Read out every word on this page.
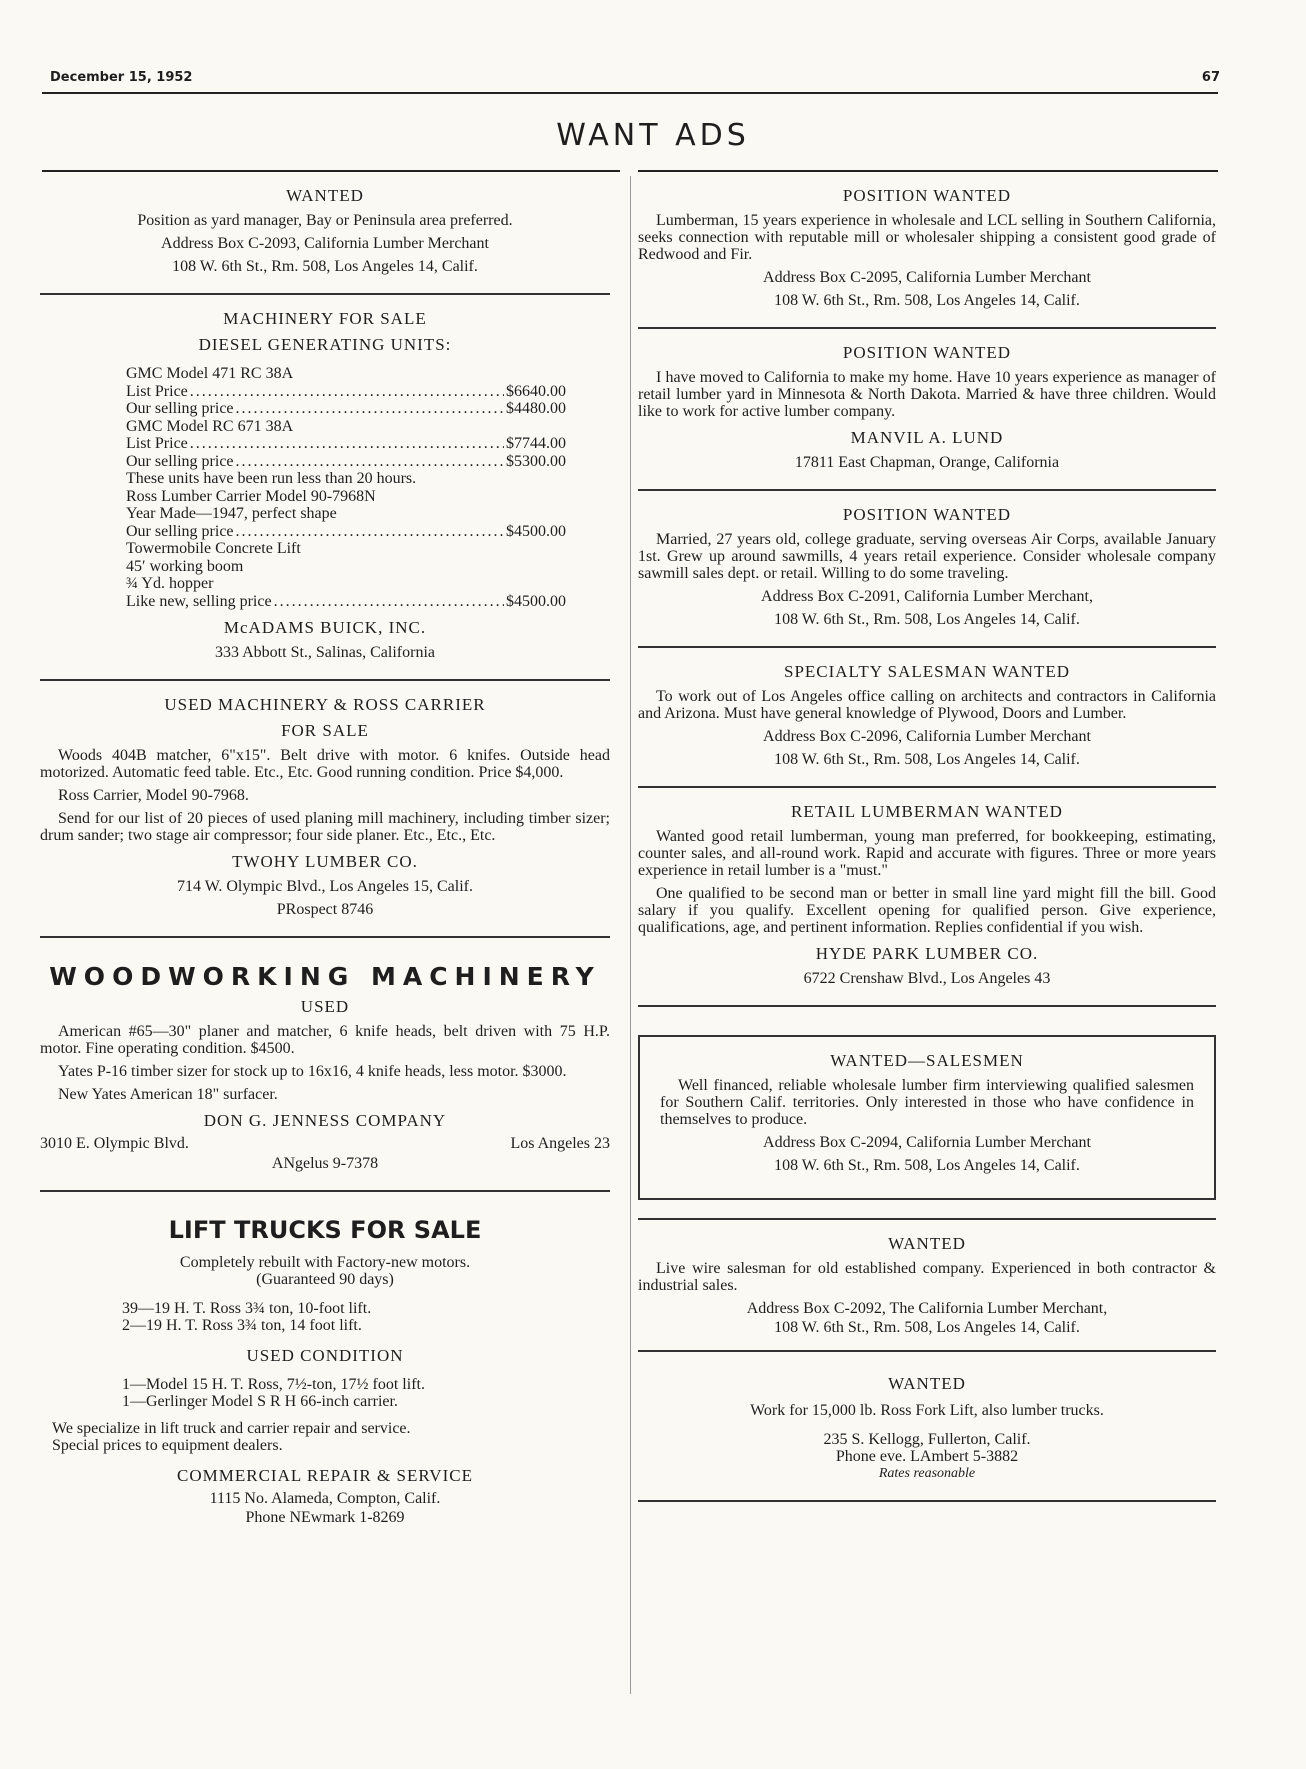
December 15, 1952	67
WANT ADS
WANTED
Position as yard manager, Bay or Peninsula area preferred.
Address Box C-2093, California Lumber Merchant
108 W. 6th St., Rm. 508, Los Angeles 14, Calif.
MACHINERY FOR SALE
DIESEL GENERATING UNITS:
GMC Model 471 RC 38A
List Price .....	$6640.00
Our selling price .....	$4480.00
GMC Model RC 671 38A
List Price .....	$7744.00
Our selling price .....	$5300.00
These units have been run less than 20 hours.
Ross Lumber Carrier Model 90-7968N
Year Made—1947, perfect shape
Our selling price .....	$4500.00
Towermobile Concrete Lift
45′ working boom
¾ Yd. hopper
Like new, selling price .....	$4500.00
McADAMS BUICK, INC.
333 Abbott St., Salinas, California
USED MACHINERY & ROSS CARRIER
FOR SALE

Woods 404B matcher, 6"x15". Belt drive with motor. 6 knifes. Outside head motorized. Automatic feed table. Etc., Etc. Good running condition. Price $4,000.

Ross Carrier, Model 90-7968.

Send for our list of 20 pieces of used planing mill machinery, including timber sizer; drum sander; two stage air compressor; four side planer. Etc., Etc., Etc.

TWOHY LUMBER CO.
714 W. Olympic Blvd., Los Angeles 15, Calif.
PRospect 8746
WOODWORKING MACHINERY
USED

American #65—30" planer and matcher, 6 knife heads, belt driven with 75 H.P. motor. Fine operating condition. $4500.

Yates P-16 timber sizer for stock up to 16x16, 4 knife heads, less motor. $3000.

New Yates American 18" surfacer.

DON G. JENNESS COMPANY
3010 E. Olympic Blvd.	Los Angeles 23
ANgelus 9-7378
LIFT TRUCKS FOR SALE
Completely rebuilt with Factory-new motors.
(Guaranteed 90 days)
39—19 H. T. Ross 3¾ ton, 10-foot lift.
2—19 H. T. Ross 3¾ ton, 14 foot lift.
USED CONDITION
1—Model 15 H. T. Ross, 7½-ton, 17½ foot lift.
1—Gerlinger Model S R H 66-inch carrier.
We specialize in lift truck and carrier repair and service.
Special prices to equipment dealers.
COMMERCIAL REPAIR & SERVICE
1115 No. Alameda, Compton, Calif.
Phone NEwmark 1-8269
POSITION WANTED

Lumberman, 15 years experience in wholesale and LCL selling in Southern California, seeks connection with reputable mill or wholesaler shipping a consistent good grade of Redwood and Fir.

Address Box C-2095, California Lumber Merchant
108 W. 6th St., Rm. 508, Los Angeles 14, Calif.
POSITION WANTED

I have moved to California to make my home. Have 10 years experience as manager of retail lumber yard in Minnesota & North Dakota. Married & have three children. Would like to work for active lumber company.

MANVIL A. LUND
17811 East Chapman, Orange, California
POSITION WANTED

Married, 27 years old, college graduate, serving overseas Air Corps, available January 1st. Grew up around sawmills, 4 years retail experience. Consider wholesale company sawmill sales dept. or retail. Willing to do some traveling.

Address Box C-2091, California Lumber Merchant,
108 W. 6th St., Rm. 508, Los Angeles 14, Calif.
SPECIALTY SALESMAN WANTED

To work out of Los Angeles office calling on architects and contractors in California and Arizona. Must have general knowledge of Plywood, Doors and Lumber.

Address Box C-2096, California Lumber Merchant
108 W. 6th St., Rm. 508, Los Angeles 14, Calif.
RETAIL LUMBERMAN WANTED

Wanted good retail lumberman, young man preferred, for bookkeeping, estimating, counter sales, and all-round work. Rapid and accurate with figures. Three or more years experience in retail lumber is a "must."

One qualified to be second man or better in small line yard might fill the bill. Good salary if you qualify. Excellent opening for qualified person. Give experience, qualifications, age, and pertinent information. Replies confidential if you wish.

HYDE PARK LUMBER CO.
6722 Crenshaw Blvd., Los Angeles 43
WANTED—SALESMEN

Well financed, reliable wholesale lumber firm interviewing qualified salesmen for Southern Calif. territories. Only interested in those who have confidence in themselves to produce.

Address Box C-2094, California Lumber Merchant
108 W. 6th St., Rm. 508, Los Angeles 14, Calif.
WANTED

Live wire salesman for old established company. Experienced in both contractor & industrial sales.

Address Box C-2092, The California Lumber Merchant,
108 W. 6th St., Rm. 508, Los Angeles 14, Calif.
WANTED
Work for 15,000 lb. Ross Fork Lift, also lumber trucks.
235 S. Kellogg, Fullerton, Calif.
Phone eve. LAmbert 5-3882
Rates reasonable
